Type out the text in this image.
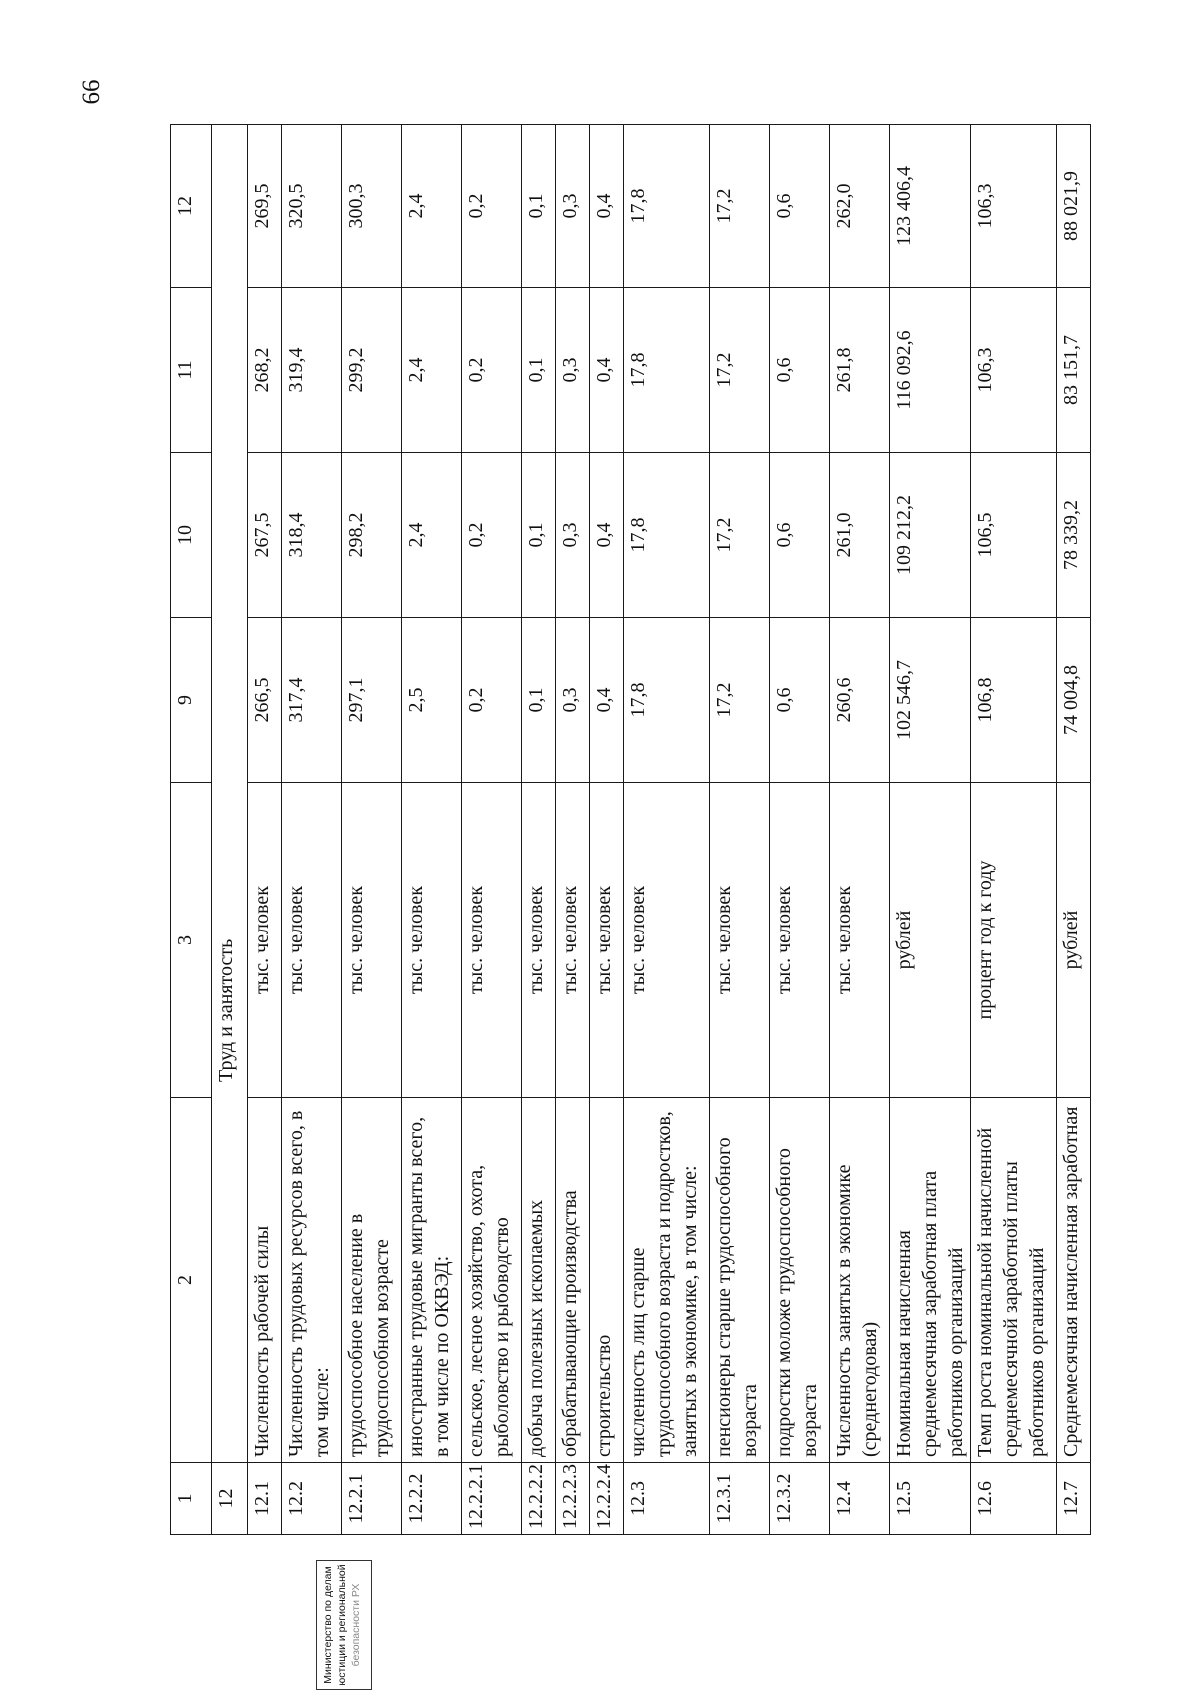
66
1	2	3	9	10	11	12
12	Труд и занятость					
12.1	Численность рабочей силы	тыс. человек	266,5	267,5	268,2	269,5
12.2	Численность трудовых ресурсов всего, в том числе:	тыс. человек	317,4	318,4	319,4	320,5
12.2.1	трудоспособное население в трудоспособном возрасте	тыс. человек	297,1	298,2	299,2	300,3
12.2.2	иностранные трудовые мигранты всего, в том числе по ОКВЭД:	тыс. человек	2,5	2,4	2,4	2,4
12.2.2.1	сельское, лесное хозяйство, охота, рыболовство и рыбоводство	тыс. человек	0,2	0,2	0,2	0,2
12.2.2.2	добыча полезных ископаемых	тыс. человек	0,1	0,1	0,1	0,1
12.2.2.3	обрабатывающие производства	тыс. человек	0,3	0,3	0,3	0,3
12.2.2.4	строительство	тыс. человек	0,4	0,4	0,4	0,4
12.3	численность лиц старше трудоспособного возраста и подростков, занятых в экономике, в том числе:	тыс. человек	17,8	17,8	17,8	17,8
12.3.1	пенсионеры старше трудоспособного возраста	тыс. человек	17,2	17,2	17,2	17,2
12.3.2	подростки моложе трудоспособного возраста	тыс. человек	0,6	0,6	0,6	0,6
12.4	Численность занятых в экономике (среднегодовая)	тыс. человек	260,6	261,0	261,8	262,0
12.5	Номинальная начисленная среднемесячная заработная плата работников организаций	рублей	102 546,7	109 212,2	116 092,6	123 406,4
12.6	Темп роста номинальной начисленной среднемесячной заработной платы работников организаций	процент год к году	106,8	106,5	106,3	106,3
12.7	Среднемесячная начисленная заработная	рублей	74 004,8	78 339,2	83 151,7	88 021,9
Министерство по делам юстиции и региональной безопасности РХ
